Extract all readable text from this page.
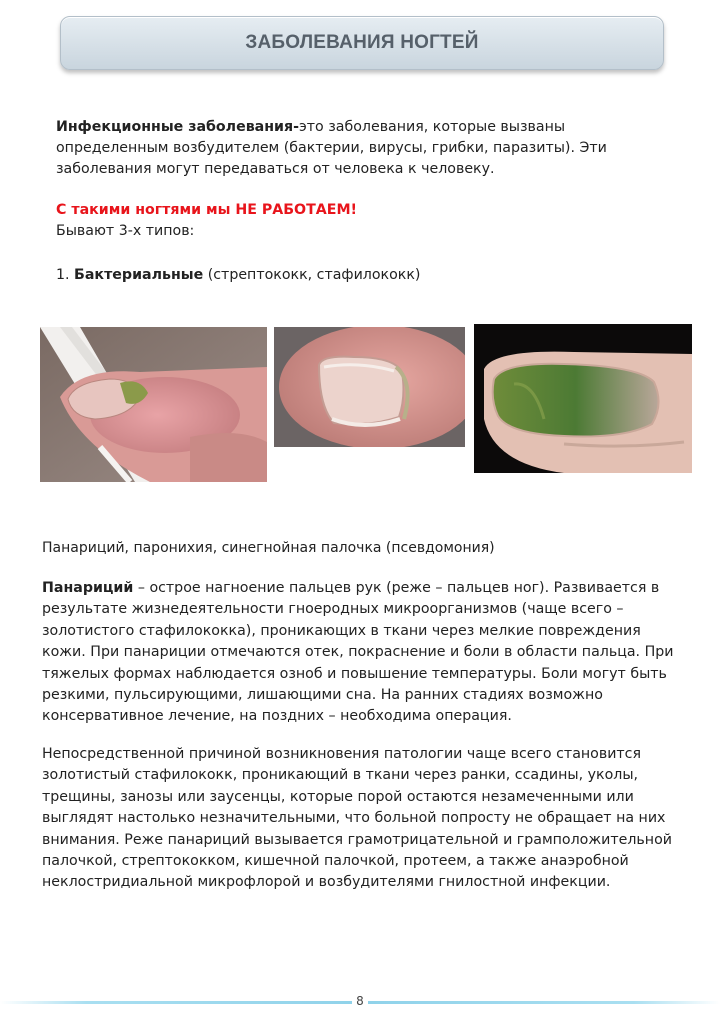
ЗАБОЛЕВАНИЯ НОГТЕЙ
Инфекционные заболевания-это заболевания, которые вызваны определенным возбудителем (бактерии, вирусы, грибки, паразиты). Эти заболевания могут передаваться от человека к человеку.
С такими ногтями мы НЕ РАБОТАЕМ!
Бывают 3-х типов:
1. Бактериальные (стрептококк, стафилококк)
Панариций, паронихия, синегнойная палочка (псевдомония)
Панариций – острое нагноение пальцев рук (реже – пальцев ног). Развивается в результате жизнедеятельности гноеродных микроорганизмов (чаще всего – золотистого стафилококка), проникающих в ткани через мелкие повреждения кожи. При панариции отмечаются отек, покраснение и боли в области пальца. При тяжелых формах наблюдается озноб и повышение температуры. Боли могут быть резкими, пульсирующими, лишающими сна. На ранних стадиях возможно консервативное лечение, на поздних – необходима операция.
Непосредственной причиной возникновения патологии чаще всего становится золотистый стафилококк, проникающий в ткани через ранки, ссадины, уколы, трещины, занозы или заусенцы, которые порой остаются незамеченными или выглядят настолько незначительными, что больной попросту не обращает на них внимания. Реже панариций вызывается грамотрицательной и грамположительной палочкой, стрептококком, кишечной палочкой, протеем, а также анаэробной неклостридиальной микрофлорой и возбудителями гнилостной инфекции.
8
